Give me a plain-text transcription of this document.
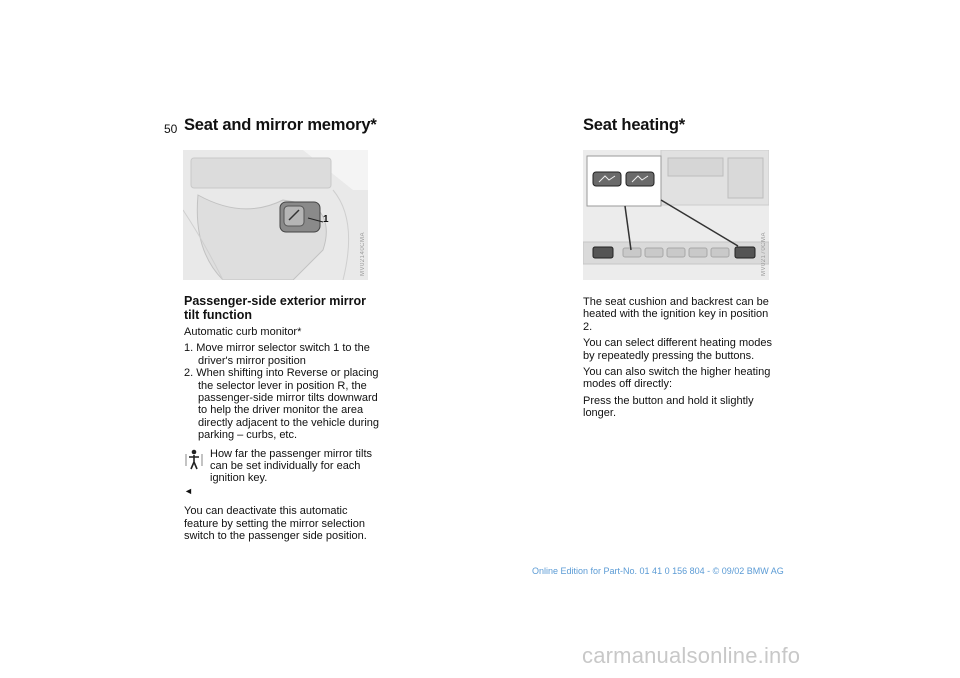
50 Seat and mirror memory*
1
MV02140CMA
Passenger-side exterior mirror tilt function

Automatic curb monitor*

1. Move mirror selector switch 1 to the driver's mirror position
2. When shifting into Reverse or placing the selector lever in position R, the passenger-side mirror tilts downward to help the driver monitor the area directly adjacent to the vehicle during parking – curbs, etc.
How far the passenger mirror tilts can be set individually for each ignition key.
◄

You can deactivate this automatic feature by setting the mirror selection switch to the passenger side position.

Seat heating*
MV02170CMA

The seat cushion and backrest can be heated with the ignition key in position 2.

You can select different heating modes by repeatedly pressing the buttons.

You can also switch the higher heating modes off directly:

Press the button and hold it slightly longer.

Online Edition for Part-No. 01 41 0 156 804 - © 09/02 BMW AG
carmanualsonline.info
